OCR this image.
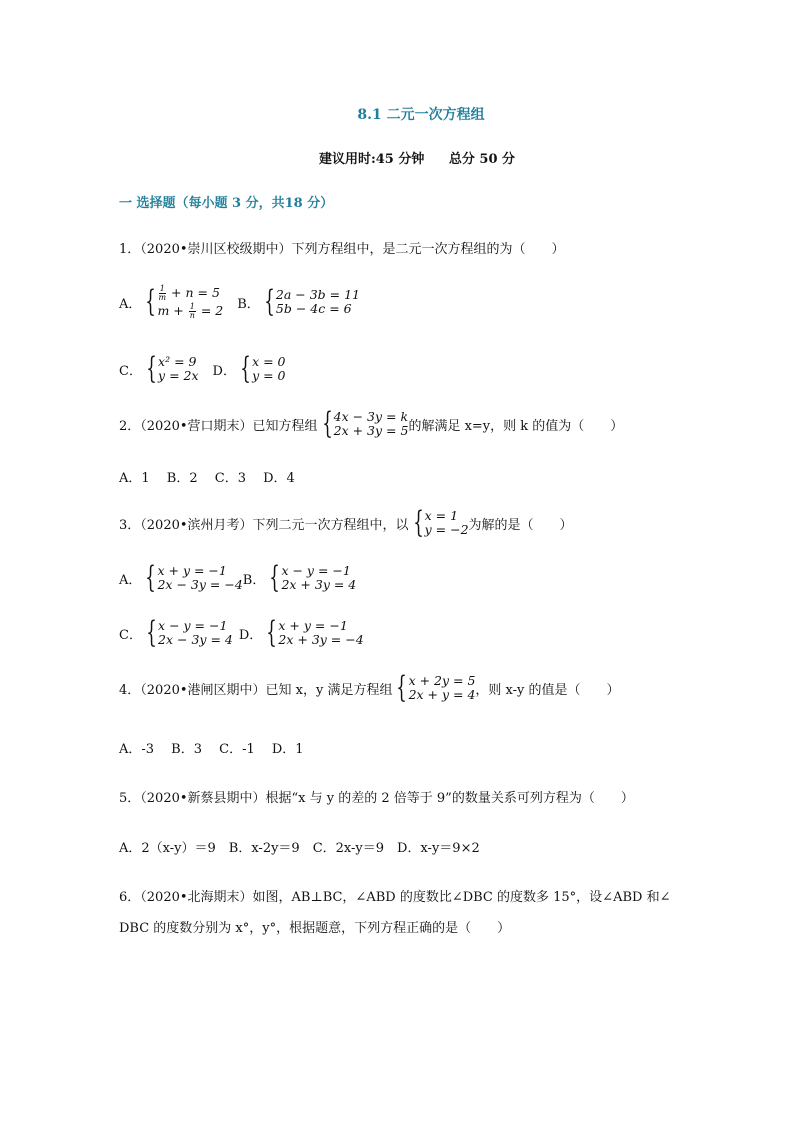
8.1 二元一次方程组
建议用时:45 分钟 总分 50 分
一 选择题（每小题 3 分，共18 分）
1．（2020•崇川区校级期中）下列方程组中，是二元一次方程组的为（　　）
A． { $\frac{1}{m} + n = 5$
$m + \frac{1}{n} = 2$ B． { 2a − 3b = 11
5b − 4c = 6
C． { x² = 9
y = 2x D． { x = 0
y = 0
2．（2020•营口期末）已知方程组 { 4x − 3y = k
2x + 3y = 5 的解满足 x=y，则 k 的值为（　　）
A．1　 B．2　 C．3　 D．4
3．（2020•滨州月考）下列二元一次方程组中，以 { x = 1
y = −2 为解的是（　　）
A． { x + y = −1
2x − 3y = −4 B． { x − y = −1
2x + 3y = 4
C． { x − y = −1
2x − 3y = 4 D． { x + y = −1
2x + 3y = −4
4．（2020•港闸区期中）已知 x，y 满足方程组 { x + 2y = 5
2x + y = 4 ，则 x-y 的值是（　　）
A．-3　 B．3　 C．-1　 D．1
5．（2020•新蔡县期中）根据“x 与 y 的差的 2 倍等于 9”的数量关系可列方程为（　　）
A．2（x-y）＝9　B．x-2y＝9　C．2x-y＝9　D．x-y＝9×2
6．（2020•北海期末）如图，AB⊥BC，∠ABD 的度数比∠DBC 的度数多 15°，设∠ABD 和∠
DBC 的度数分别为 x°，y°，根据题意，下列方程正确的是（　　）
